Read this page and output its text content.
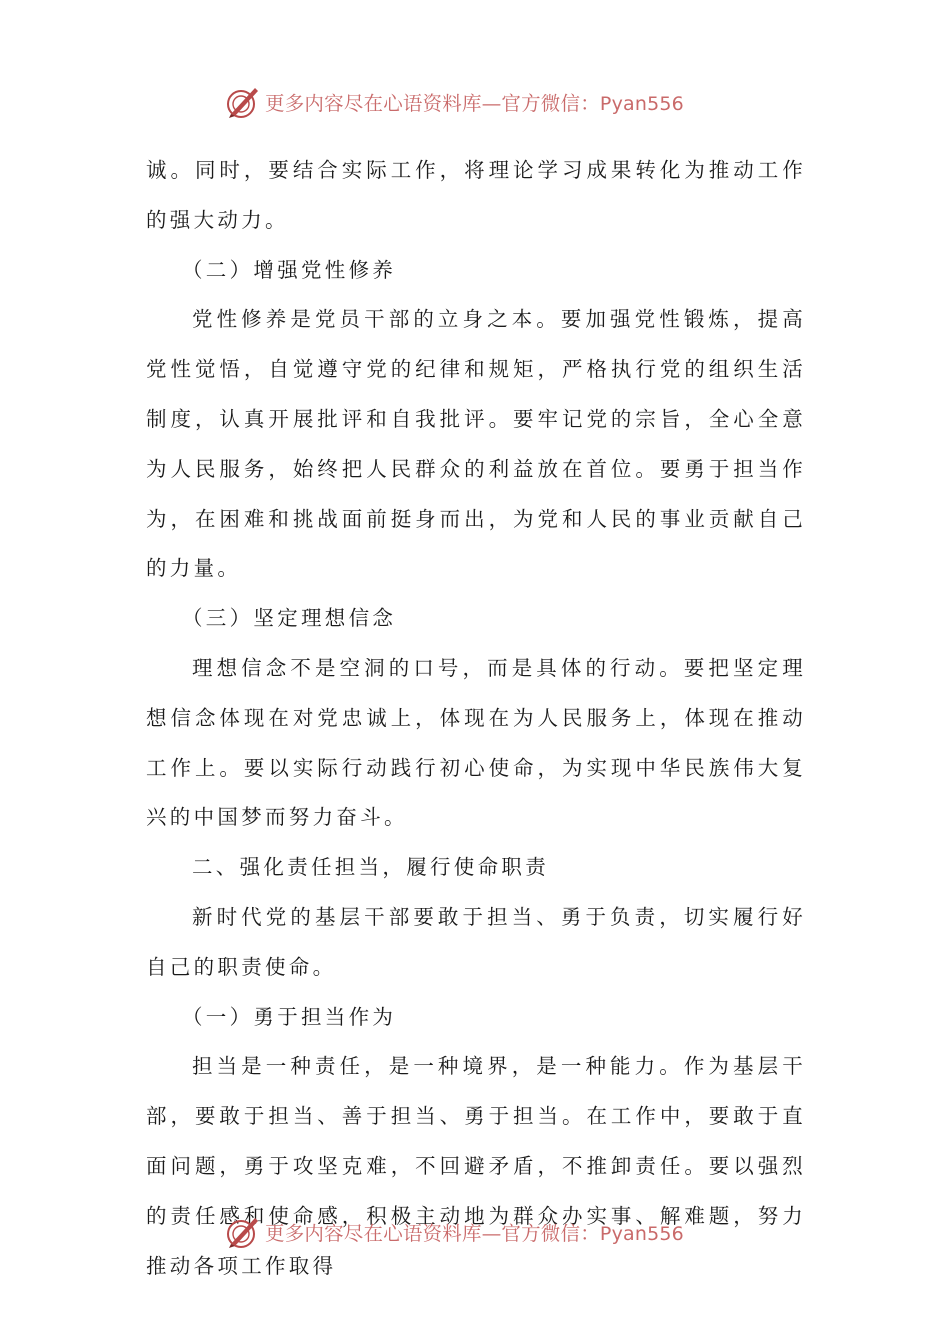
更多内容尽在心语资料库—官方微信：Pyan556

诚。同时，要结合实际工作，将理论学习成果转化为推动工作的强大动力。

（二）增强党性修养

党性修养是党员干部的立身之本。要加强党性锻炼，提高党性觉悟，自觉遵守党的纪律和规矩，严格执行党的组织生活制度，认真开展批评和自我批评。要牢记党的宗旨，全心全意为人民服务，始终把人民群众的利益放在首位。要勇于担当作为，在困难和挑战面前挺身而出，为党和人民的事业贡献自己的力量。

（三）坚定理想信念

理想信念不是空洞的口号，而是具体的行动。要把坚定理想信念体现在对党忠诚上，体现在为人民服务上，体现在推动工作上。要以实际行动践行初心使命，为实现中华民族伟大复兴的中国梦而努力奋斗。

二、强化责任担当，履行使命职责

新时代党的基层干部要敢于担当、勇于负责，切实履行好自己的职责使命。

（一）勇于担当作为

担当是一种责任，是一种境界，是一种能力。作为基层干部，要敢于担当、善于担当、勇于担当。在工作中，要敢于直面问题，勇于攻坚克难，不回避矛盾，不推卸责任。要以强烈的责任感和使命感，积极主动地为群众办实事、解难题，努力推动各项工作取得

更多内容尽在心语资料库—官方微信：Pyan556
